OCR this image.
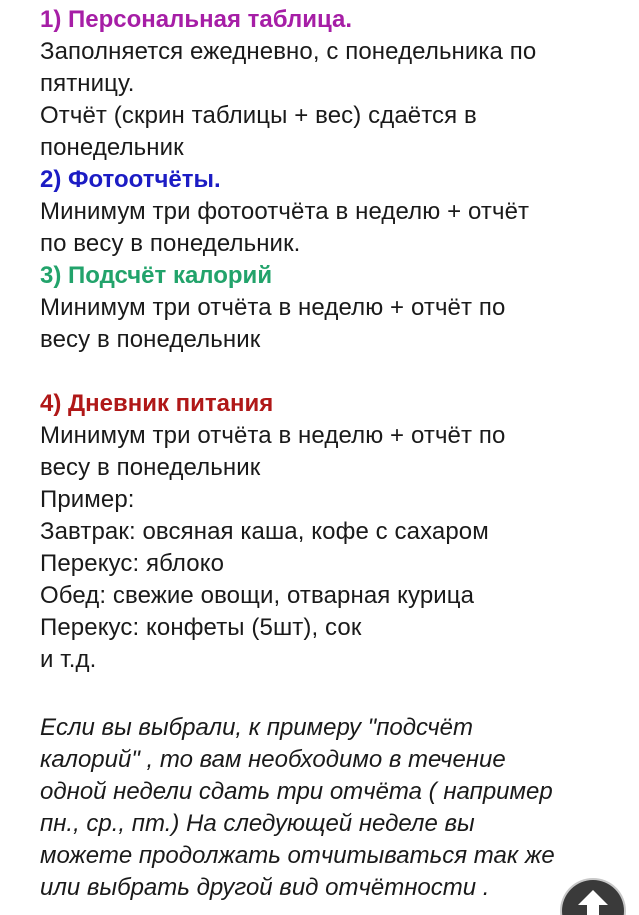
1) Персональная таблица.
Заполняется ежедневно, с понедельника по
пятницу.
Отчёт (скрин таблицы + вес) сдаётся в
понедельник
2) Фотоотчёты.
Минимум три фотоотчёта в неделю + отчёт
по весу в понедельник.
3) Подсчёт калорий
Минимум три отчёта в неделю + отчёт по
весу в понедельник
4) Дневник питания
Минимум три отчёта в неделю + отчёт по
весу в понедельник
Пример:
Завтрак: овсяная каша, кофе с сахаром
Перекус: яблоко
Обед: свежие овощи, отварная курица
Перекус: конфеты (5шт), сок
и т.д.
Если вы выбрали, к примеру "подсчёт
калорий" , то вам необходимо в течение
одной недели сдать три отчёта ( например
пн., ср., пт.) На следующей неделе вы
можете продолжать отчитываться так же
или выбрать другой вид отчётности .
